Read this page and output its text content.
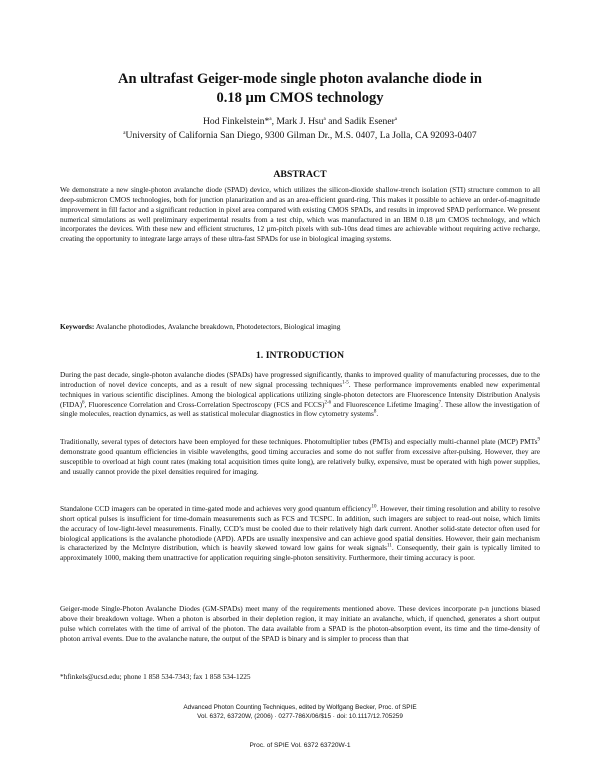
An ultrafast Geiger-mode single photon avalanche diode in
0.18 µm CMOS technology
Hod Finkelstein*$^a$, Mark J. Hsu$^a$ and Sadik Esener$^a$
$^a$University of California San Diego, 9300 Gilman Dr., M.S. 0407, La Jolla, CA 92093-0407
ABSTRACT

We demonstrate a new single-photon avalanche diode (SPAD) device, which utilizes the silicon-dioxide shallow-trench isolation (STI) structure common to all deep-submicron CMOS technologies, both for junction planarization and as an area-efficient guard-ring. This makes it possible to achieve an order-of-magnitude improvement in fill factor and a significant reduction in pixel area compared with existing CMOS SPADs, and results in improved SPAD performance. We present numerical simulations as well preliminary experimental results from a test chip, which was manufactured in an IBM 0.18 µm CMOS technology, and which incorporates the devices. With these new and efficient structures, 12 µm-pitch pixels with sub-10ns dead times are achievable without requiring active recharge, creating the opportunity to integrate large arrays of these ultra-fast SPADs for use in biological imaging systems.

Keywords: Avalanche photodiodes, Avalanche breakdown, Photodetectors, Biological imaging
1. INTRODUCTION

During the past decade, single-photon avalanche diodes (SPADs) have progressed significantly, thanks to improved quality of manufacturing processes, due to the introduction of novel device concepts, and as a result of new signal processing techniques$^{1-5}$. These performance improvements enabled new experimental techniques in various scientific disciplines. Among the biological applications utilizing single-photon detectors are Fluorescence Intensity Distribution Analysis (FIDA)$^6$, Fluorescence Correlation and Cross-Correlation Spectroscopy (FCS and FCCS)$^{2-6}$ and Fluorescence Lifetime Imaging$^7$. These allow the investigation of single molecules, reaction dynamics, as well as statistical molecular diagnostics in flow cytometry systems$^8$.

Traditionally, several types of detectors have been employed for these techniques. Photomultiplier tubes (PMTs) and especially multi-channel plate (MCP) PMTs$^9$ demonstrate good quantum efficiencies in visible wavelengths, good timing accuracies and some do not suffer from excessive after-pulsing. However, they are susceptible to overload at high count rates (making total acquisition times quite long), are relatively bulky, expensive, must be operated with high power supplies, and usually cannot provide the pixel densities required for imaging.

Standalone CCD imagers can be operated in time-gated mode and achieves very good quantum efficiency$^{10}$. However, their timing resolution and ability to resolve short optical pulses is insufficient for time-domain measurements such as FCS and TCSPC. In addition, such imagers are subject to read-out noise, which limits the accuracy of low-light-level measurements. Finally, CCD’s must be cooled due to their relatively high dark current. Another solid-state detector often used for biological applications is the avalanche photodiode (APD). APDs are usually inexpensive and can achieve good spatial densities. However, their gain mechanism is characterized by the McIntyre distribution, which is heavily skewed toward low gains for weak signals$^{11}$. Consequently, their gain is typically limited to approximately 1000, making them unattractive for application requiring single-photon sensitivity. Furthermore, their timing accuracy is poor.

Geiger-mode Single-Photon Avalanche Diodes (GM-SPADs) meet many of the requirements mentioned above. These devices incorporate p-n junctions biased above their breakdown voltage. When a photon is absorbed in their depletion region, it may initiate an avalanche, which, if quenched, generates a short output pulse which correlates with the time of arrival of the photon. The data available from a SPAD is the photon-absorption event, its time and the time-density of photon arrival events. Due to the avalanche nature, the output of the SPAD is binary and is simpler to process than that

*hfinkels@ucsd.edu; phone 1 858 534-7343; fax 1 858 534-1225
Advanced Photon Counting Techniques, edited by Wolfgang Becker, Proc. of SPIE
Vol. 6372, 63720W, (2006) · 0277-786X/06/$15 · doi: 10.1117/12.705259
Proc. of SPIE Vol. 6372 63720W-1
